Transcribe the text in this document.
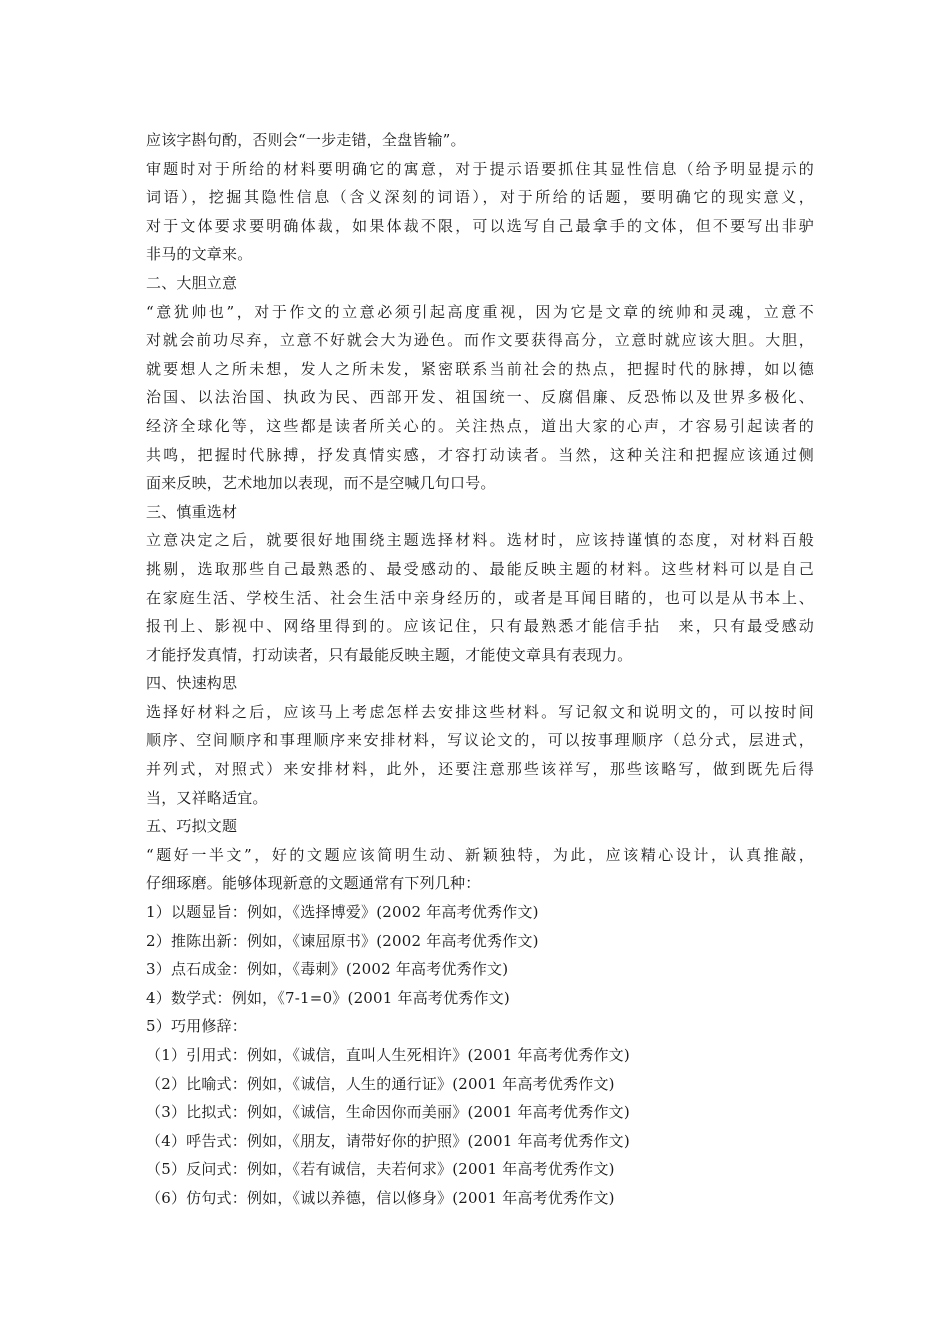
应该字斟句酌，否则会“一步走错，全盘皆输”。
审题时对于所给的材料要明确它的寓意，对于提示语要抓住其显性信息（给予明显提示的
词语），挖掘其隐性信息（含义深刻的词语），对于所给的话题，要明确它的现实意义，
对于文体要求要明确体裁，如果体裁不限，可以选写自己最拿手的文体，但不要写出非驴
非马的文章来。
二、大胆立意
“意犹帅也”，对于作文的立意必须引起高度重视，因为它是文章的统帅和灵魂，立意不
对就会前功尽弃，立意不好就会大为逊色。而作文要获得高分，立意时就应该大胆。大胆，
就要想人之所未想，发人之所未发，紧密联系当前社会的热点，把握时代的脉搏，如以德
治国、以法治国、执政为民、西部开发、祖国统一、反腐倡廉、反恐怖以及世界多极化、
经济全球化等，这些都是读者所关心的。关注热点，道出大家的心声，才容易引起读者的
共鸣，把握时代脉搏，抒发真情实感，才容打动读者。当然，这种关注和把握应该通过侧
面来反映，艺术地加以表现，而不是空喊几句口号。
三、慎重选材
立意决定之后，就要很好地围绕主题选择材料。选材时，应该持谨慎的态度，对材料百般
挑剔，选取那些自己最熟悉的、最受感动的、最能反映主题的材料。这些材料可以是自己
在家庭生活、学校生活、社会生活中亲身经历的，或者是耳闻目睹的，也可以是从书本上、
报刊上、影视中、网络里得到的。应该记住，只有最熟悉才能信手拈　来，只有最受感动
才能抒发真情，打动读者，只有最能反映主题，才能使文章具有表现力。
四、快速构思
选择好材料之后，应该马上考虑怎样去安排这些材料。写记叙文和说明文的，可以按时间
顺序、空间顺序和事理顺序来安排材料，写议论文的，可以按事理顺序（总分式，层进式，
并列式，对照式）来安排材料，此外，还要注意那些该祥写，那些该略写，做到既先后得
当，又祥略适宜。
五、巧拟文题
“题好一半文”，好的文题应该简明生动、新颖独特，为此，应该精心设计，认真推敲，
仔细琢磨。能够体现新意的文题通常有下列几种：
1）以题显旨：例如，《选择博爱》(2002 年高考优秀作文)
2）推陈出新：例如，《谏屈原书》(2002 年高考优秀作文)
3）点石成金：例如，《毒刺》(2002 年高考优秀作文)
4）数学式：例如，《7-1=0》(2001 年高考优秀作文)
5）巧用修辞：
（1）引用式：例如，《诚信，直叫人生死相许》(2001 年高考优秀作文)
（2）比喻式：例如，《诚信，人生的通行证》(2001 年高考优秀作文)
（3）比拟式：例如，《诚信，生命因你而美丽》(2001 年高考优秀作文)
（4）呼告式：例如，《朋友，请带好你的护照》(2001 年高考优秀作文)
（5）反问式：例如，《若有诚信，夫若何求》(2001 年高考优秀作文)
（6）仿句式：例如，《诚以养德，信以修身》(2001 年高考优秀作文)
